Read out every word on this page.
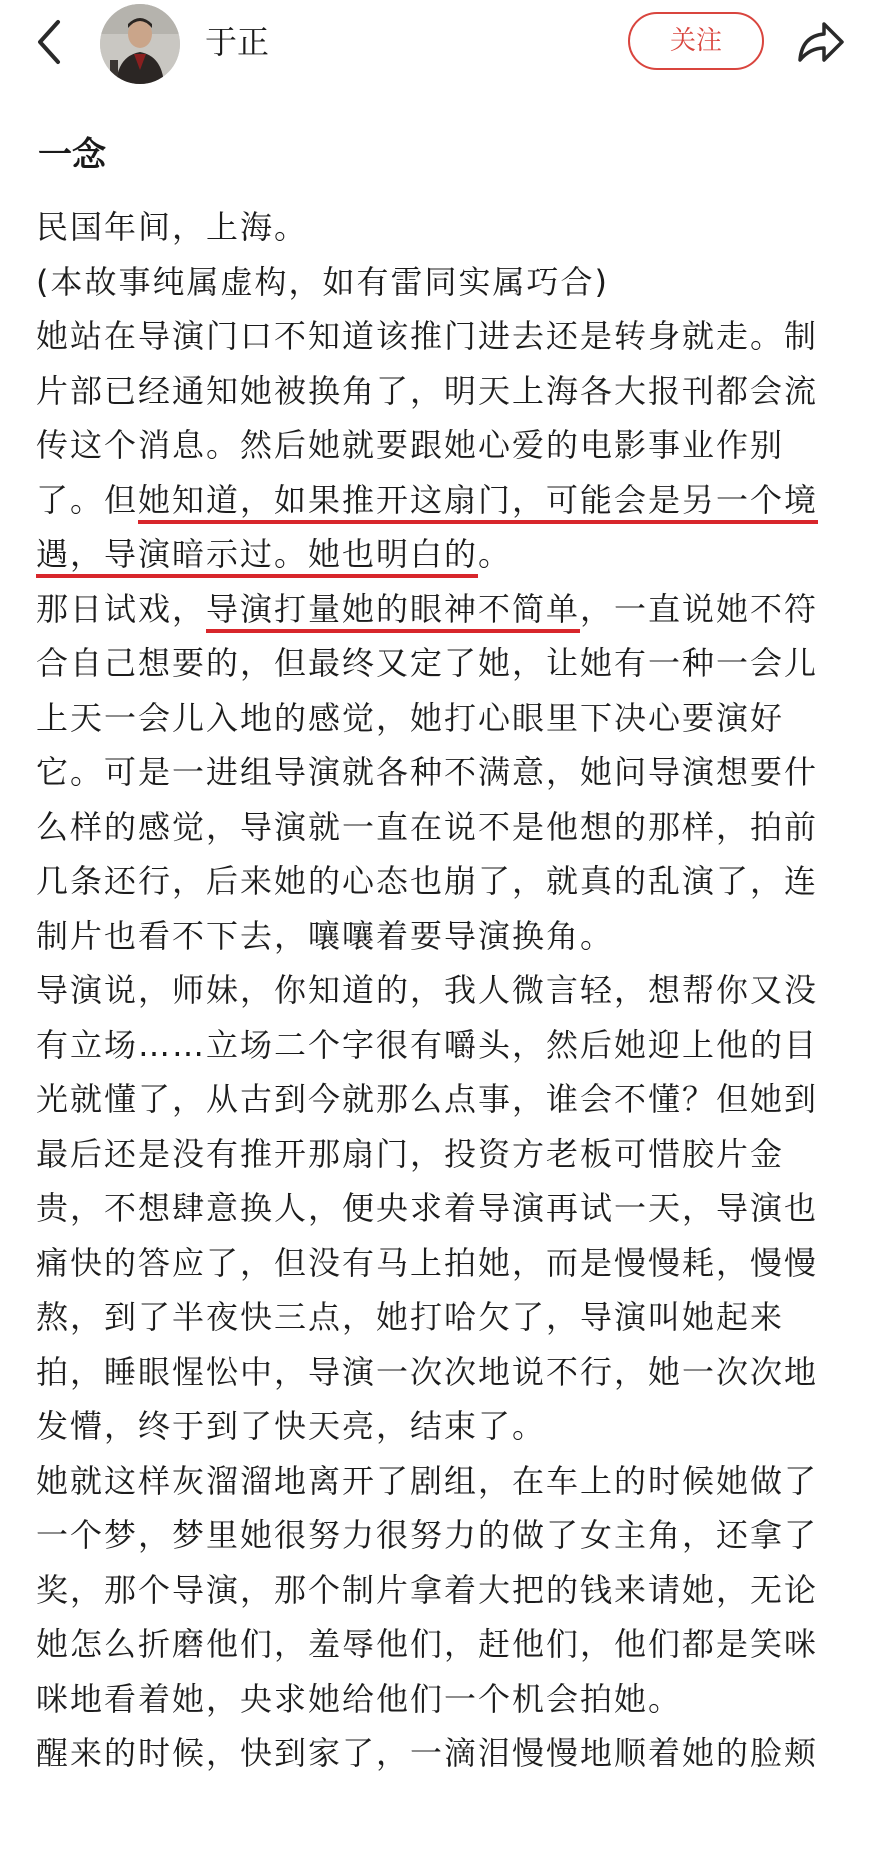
于正	关注
一念

民国年间，上海。

(本故事纯属虚构，如有雷同实属巧合)

她站在导演门口不知道该推门进去还是转身就走。制片部已经通知她被换角了，明天上海各大报刊都会流传这个消息。然后她就要跟她心爱的电影事业作别了。但她知道，如果推开这扇门，可能会是另一个境遇，导演暗示过。她也明白的。

那日试戏，导演打量她的眼神不简单，一直说她不符合自己想要的，但最终又定了她，让她有一种一会儿上天一会儿入地的感觉，她打心眼里下决心要演好它。可是一进组导演就各种不满意，她问导演想要什么样的感觉，导演就一直在说不是他想的那样，拍前几条还行，后来她的心态也崩了，就真的乱演了，连制片也看不下去，嚷嚷着要导演换角。

导演说，师妹，你知道的，我人微言轻，想帮你又没有立场……立场二个字很有嚼头，然后她迎上他的目光就懂了，从古到今就那么点事，谁会不懂？但她到最后还是没有推开那扇门，投资方老板可惜胶片金贵，不想肆意换人，便央求着导演再试一天，导演也痛快的答应了，但没有马上拍她，而是慢慢耗，慢慢熬，到了半夜快三点，她打哈欠了，导演叫她起来拍，睡眼惺忪中，导演一次次地说不行，她一次次地发懵，终于到了快天亮，结束了。

她就这样灰溜溜地离开了剧组，在车上的时候她做了一个梦，梦里她很努力很努力的做了女主角，还拿了奖，那个导演，那个制片拿着大把的钱来请她，无论她怎么折磨他们，羞辱他们，赶他们，他们都是笑咪咪地看着她，央求她给他们一个机会拍她。

醒来的时候，快到家了，一滴泪慢慢地顺着她的脸颊
